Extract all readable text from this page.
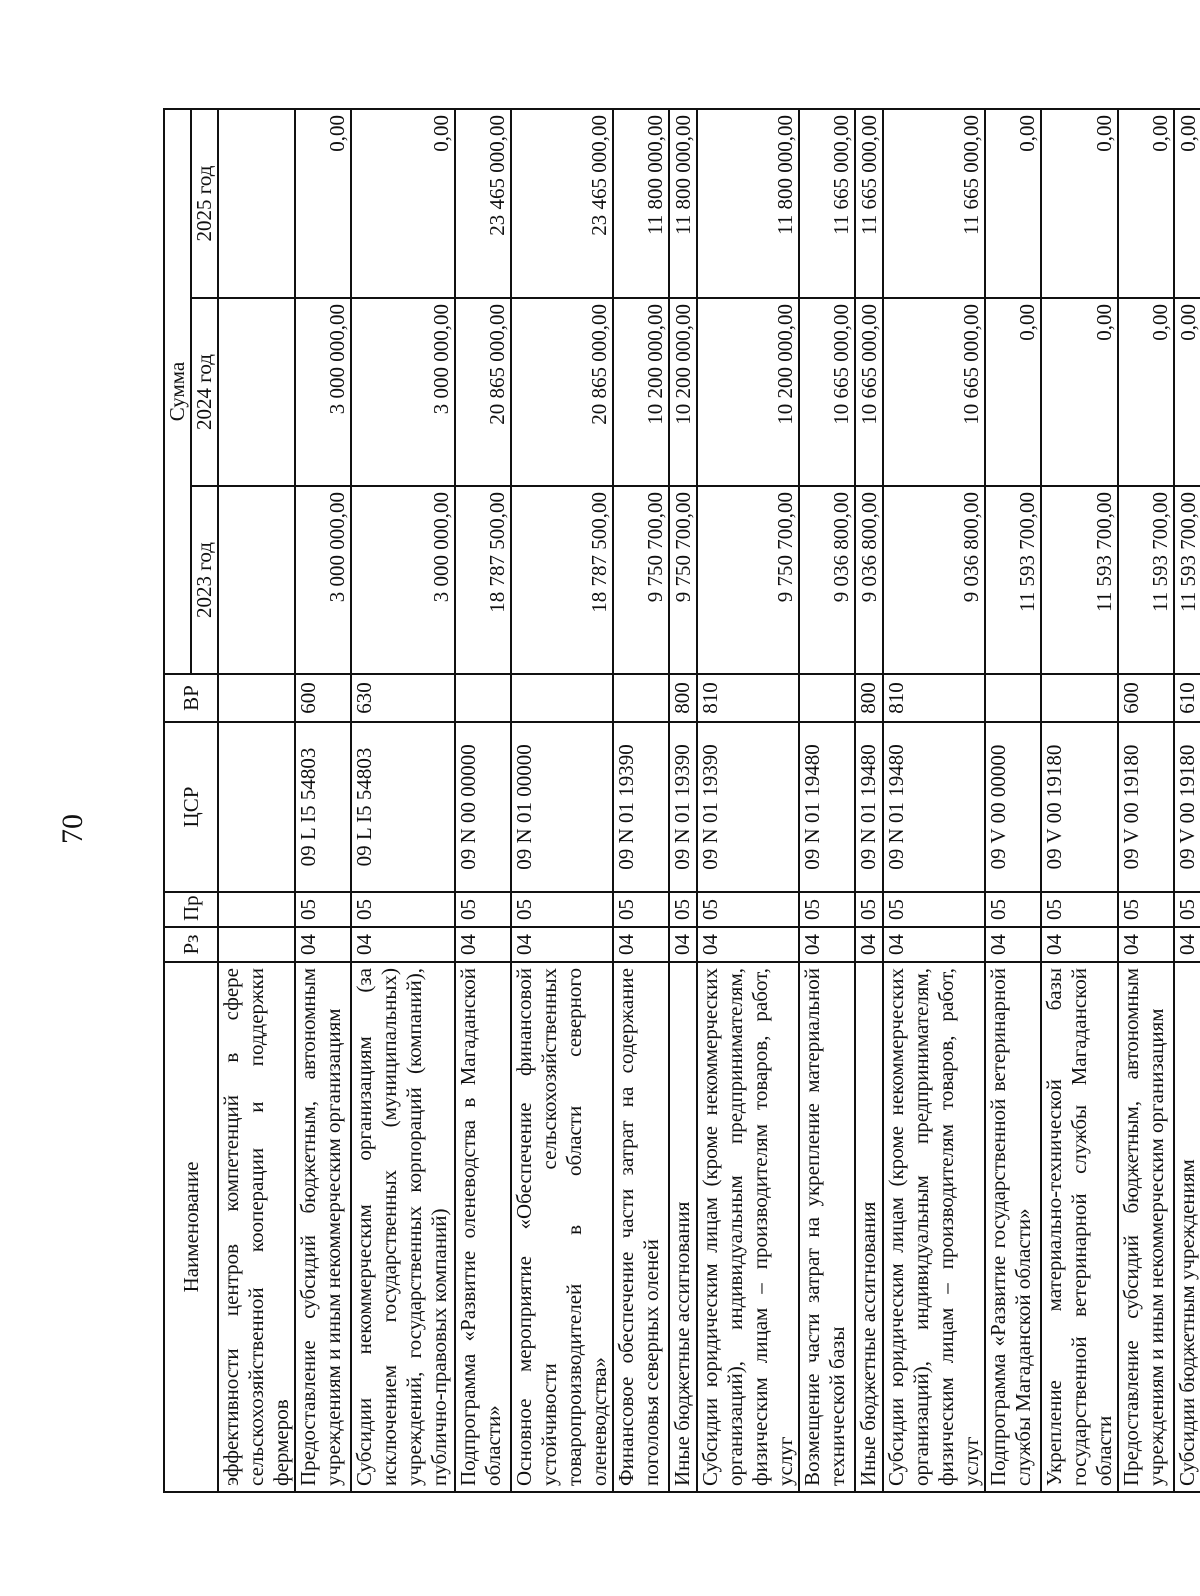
70
Наименование	Рз	Пр	ЦСР	ВР	Сумма		
					2023 год	2024 год	2025 год
эффективности центров компетенций в сфере сельскохозяйственной кооперации и поддержки фермеров							
Предоставление субсидий бюджетным, автономным учреждениям и иным некоммерческим организациям	04	05	09 L I5 54803	600	3 000 000,00	3 000 000,00	0,00
Субсидии некоммерческим организациям (за исключением государственных (муниципальных) учреждений, государственных корпораций (компаний), публично-правовых компаний)	04	05	09 L I5 54803	630	3 000 000,00	3 000 000,00	0,00
Подпрограмма «Развитие оленеводства в Магаданской области»	04	05	09 N 00 00000		18 787 500,00	20 865 000,00	23 465 000,00
Основное мероприятие «Обеспечение финансовой устойчивости сельскохозяйственных товаропроизводителей в области северного оленеводства»	04	05	09 N 01 00000		18 787 500,00	20 865 000,00	23 465 000,00
Финансовое обеспечение части затрат на содержание поголовья северных оленей	04	05	09 N 01 19390		9 750 700,00	10 200 000,00	11 800 000,00
Иные бюджетные ассигнования	04	05	09 N 01 19390	800	9 750 700,00	10 200 000,00	11 800 000,00
Субсидии юридическим лицам (кроме некоммерческих организаций), индивидуальным предпринимателям, физическим лицам – производителям товаров, работ, услуг	04	05	09 N 01 19390	810	9 750 700,00	10 200 000,00	11 800 000,00
Возмещение части затрат на укрепление материальной технической базы	04	05	09 N 01 19480		9 036 800,00	10 665 000,00	11 665 000,00
Иные бюджетные ассигнования	04	05	09 N 01 19480	800	9 036 800,00	10 665 000,00	11 665 000,00
Субсидии юридическим лицам (кроме некоммерческих организаций), индивидуальным предпринимателям, физическим лицам – производителям товаров, работ, услуг	04	05	09 N 01 19480	810	9 036 800,00	10 665 000,00	11 665 000,00
Подпрограмма «Развитие государственной ветеринарной службы Магаданской области»	04	05	09 V 00 00000		11 593 700,00	0,00	0,00
Укрепление материально-технической базы государственной ветеринарной службы Магаданской области	04	05	09 V 00 19180		11 593 700,00	0,00	0,00
Предоставление субсидий бюджетным, автономным учреждениям и иным некоммерческим организациям	04	05	09 V 00 19180	600	11 593 700,00	0,00	0,00
Субсидии бюджетным учреждениям	04	05	09 V 00 19180	610	11 593 700,00	0,00	0,00
